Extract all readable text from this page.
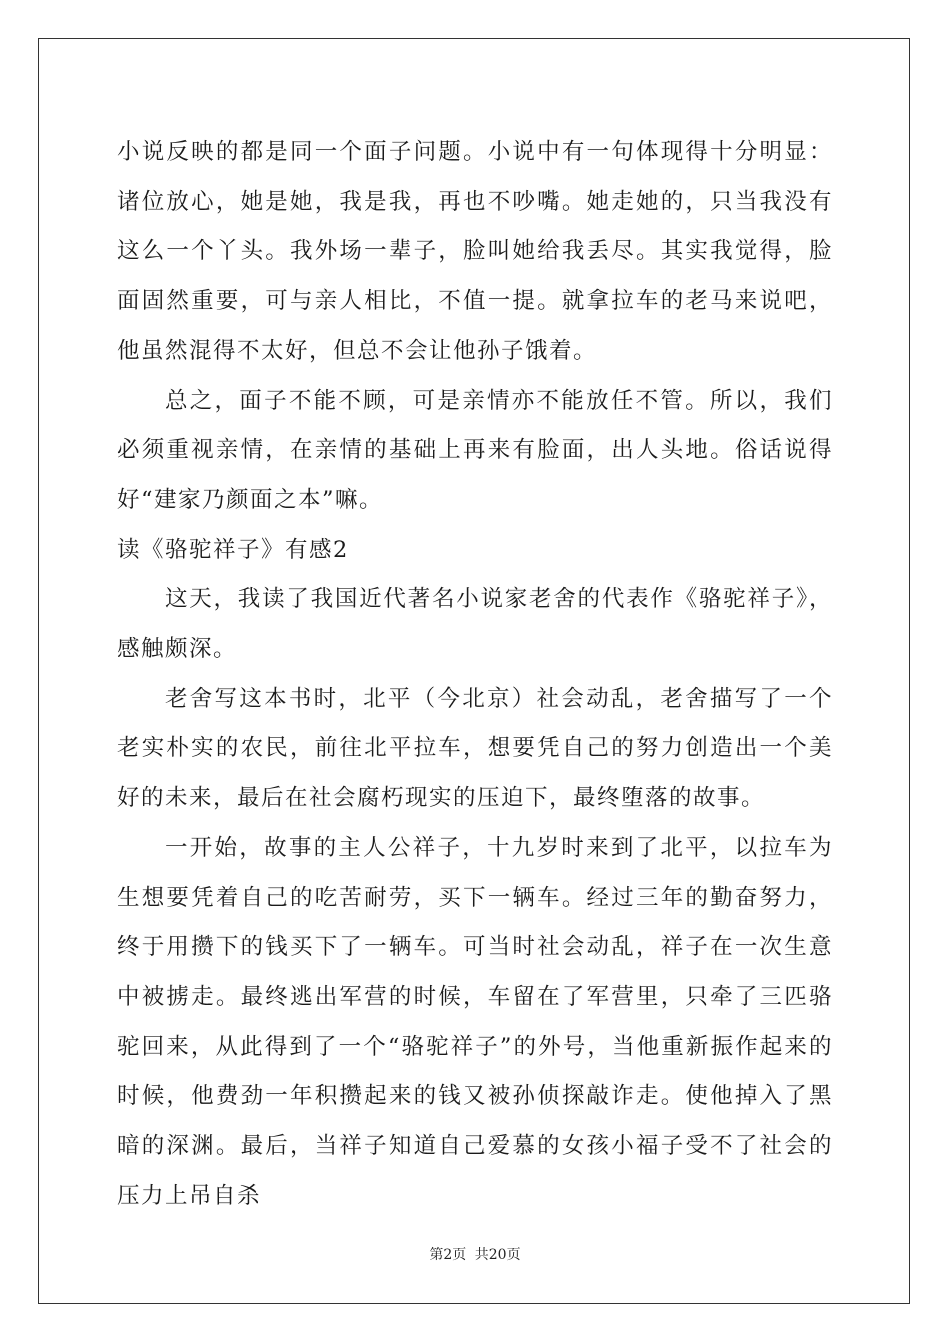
小说反映的都是同一个面子问题。小说中有一句体现得十分明显：诸位放心，她是她，我是我，再也不吵嘴。她走她的，只当我没有这么一个丫头。我外场一辈子，脸叫她给我丢尽。其实我觉得，脸面固然重要，可与亲人相比，不值一提。就拿拉车的老马来说吧，他虽然混得不太好，但总不会让他孙子饿着。

总之，面子不能不顾，可是亲情亦不能放任不管。所以，我们必须重视亲情，在亲情的基础上再来有脸面，出人头地。俗话说得好“建家乃颜面之本”嘛。

读《骆驼祥子》有感2

这天，我读了我国近代著名小说家老舍的代表作《骆驼祥子》，感触颇深。

老舍写这本书时，北平（今北京）社会动乱，老舍描写了一个老实朴实的农民，前往北平拉车，想要凭自己的努力创造出一个美好的未来，最后在社会腐朽现实的压迫下，最终堕落的故事。

一开始，故事的主人公祥子，十九岁时来到了北平，以拉车为生想要凭着自己的吃苦耐劳，买下一辆车。经过三年的勤奋努力，终于用攒下的钱买下了一辆车。可当时社会动乱，祥子在一次生意中被掳走。最终逃出军营的时候，车留在了军营里，只牵了三匹骆驼回来，从此得到了一个“骆驼祥子”的外号，当他重新振作起来的时候，他费劲一年积攒起来的钱又被孙侦探敲诈走。使他掉入了黑暗的深渊。最后，当祥子知道自己爱慕的女孩小福子受不了社会的压力上吊自杀

第2页 共20页
